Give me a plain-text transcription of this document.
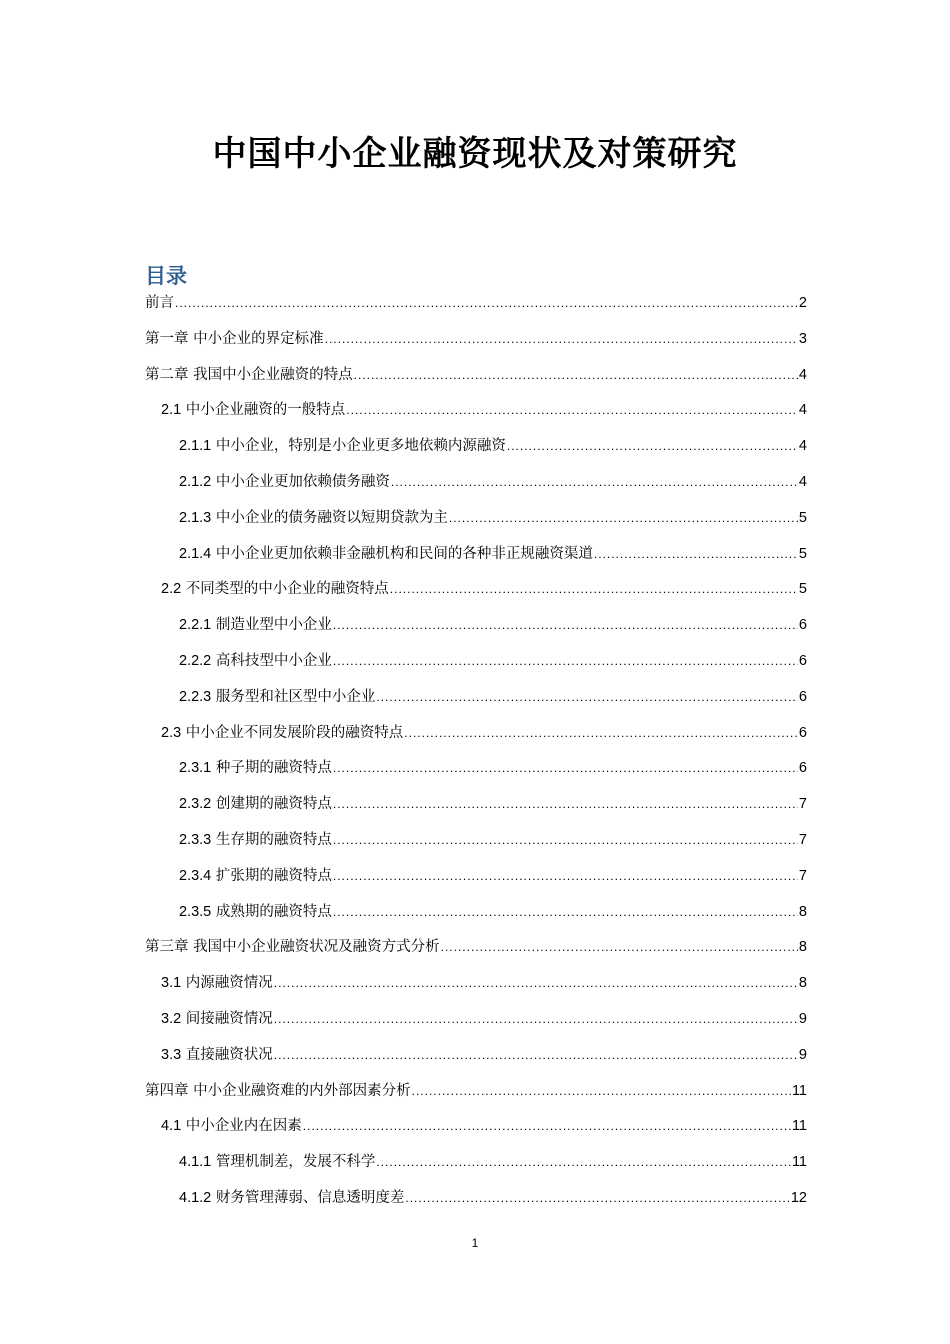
中国中小企业融资现状及对策研究
目录
前言 .....	2
第一章 中小企业的界定标准 .....	3
第二章 我国中小企业融资的特点 .....	4
2.1 中小企业融资的一般特点 .....	4
2.1.1 中小企业，特别是小企业更多地依赖内源融资 .....	4
2.1.2 中小企业更加依赖债务融资 .....	4
2.1.3 中小企业的债务融资以短期贷款为主 .....	5
2.1.4 中小企业更加依赖非金融机构和民间的各种非正规融资渠道 .....	5
2.2 不同类型的中小企业的融资特点 .....	5
2.2.1 制造业型中小企业 .....	6
2.2.2 高科技型中小企业 .....	6
2.2.3 服务型和社区型中小企业 .....	6
2.3 中小企业不同发展阶段的融资特点 .....	6
2.3.1 种子期的融资特点 .....	6
2.3.2 创建期的融资特点 .....	7
2.3.3 生存期的融资特点 .....	7
2.3.4 扩张期的融资特点 .....	7
2.3.5 成熟期的融资特点 .....	8
第三章 我国中小企业融资状况及融资方式分析 .....	8
3.1 内源融资情况 .....	8
3.2 间接融资情况 .....	9
3.3 直接融资状况 .....	9
第四章 中小企业融资难的内外部因素分析 .....	11
4.1 中小企业内在因素 .....	11
4.1.1 管理机制差，发展不科学 .....	11
4.1.2 财务管理薄弱、信息透明度差 .....	12
1
